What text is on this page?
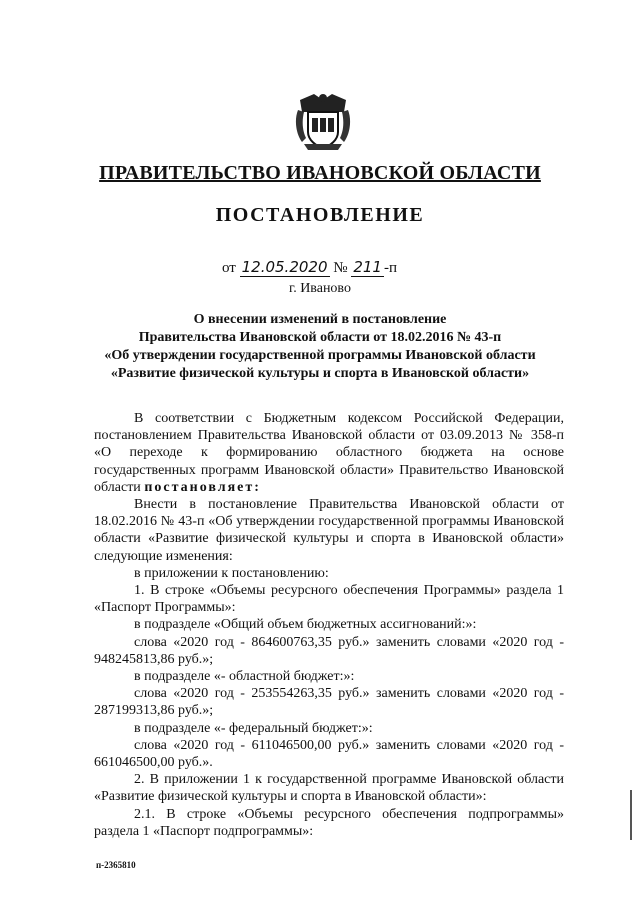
ПРАВИТЕЛЬСТВО ИВАНОВСКОЙ ОБЛАСТИ
ПОСТАНОВЛЕНИЕ
от 12.05.2020 № 211 -п
г. Иваново
О внесении изменений в постановление
Правительства Ивановской области от 18.02.2016 № 43-п
«Об утверждении государственной программы Ивановской области
«Развитие физической культуры и спорта в Ивановской области»

В соответствии с Бюджетным кодексом Российской Федерации, постановлением Правительства Ивановской области от 03.09.2013 № 358-п «О переходе к формированию областного бюджета на основе государственных программ Ивановской области» Правительство Ивановской области постановляет:

Внести в постановление Правительства Ивановской области от 18.02.2016 № 43-п «Об утверждении государственной программы Ивановской области «Развитие физической культуры и спорта в Ивановской области» следующие изменения:

в приложении к постановлению:

1. В строке «Объемы ресурсного обеспечения Программы» раздела 1 «Паспорт Программы»:

в подразделе «Общий объем бюджетных ассигнований:»:

слова «2020 год - 864600763,35 руб.» заменить словами «2020 год - 948245813,86 руб.»;

в подразделе «- областной бюджет:»:

слова «2020 год - 253554263,35 руб.» заменить словами «2020 год - 287199313,86 руб.»;

в подразделе «- федеральный бюджет:»:

слова «2020 год - 611046500,00 руб.» заменить словами «2020 год - 661046500,00 руб.».

2. В приложении 1 к государственной программе Ивановской области «Развитие физической культуры и спорта в Ивановской области»:

2.1. В строке «Объемы ресурсного обеспечения подпрограммы» раздела 1 «Паспорт подпрограммы»:

п-2365810
